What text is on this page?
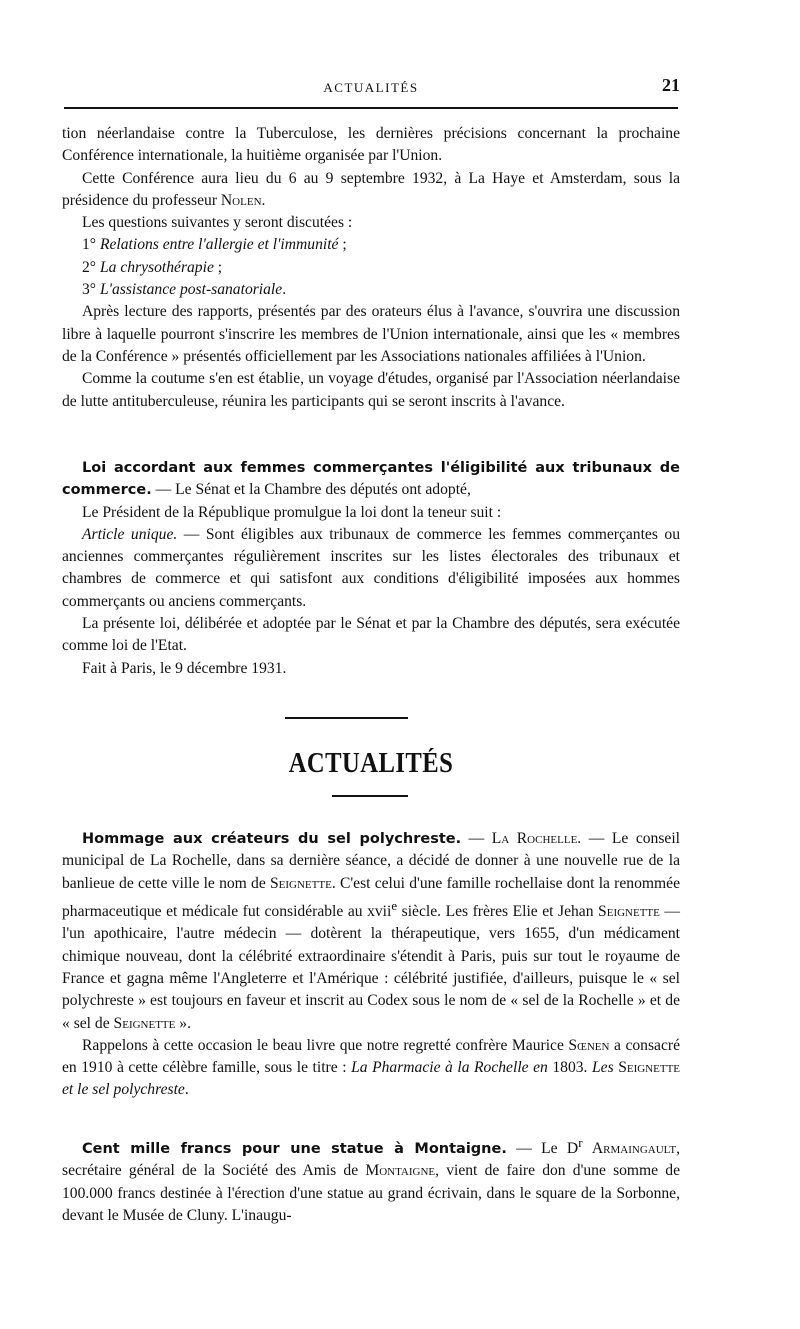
ACTUALITÉS	21

tion néerlandaise contre la Tuberculose, les dernières précisions concernant la prochaine Conférence internationale, la huitième organisée par l'Union.

Cette Conférence aura lieu du 6 au 9 septembre 1932, à La Haye et Amsterdam, sous la présidence du professeur Nolen.

Les questions suivantes y seront discutées :

1° Relations entre l'allergie et l'immunité ;

2° La chrysothérapie ;

3° L'assistance post-sanatoriale.

Après lecture des rapports, présentés par des orateurs élus à l'avance, s'ouvrira une discussion libre à laquelle pourront s'inscrire les membres de l'Union internationale, ainsi que les « membres de la Conférence » présentés officiellement par les Associations nationales affiliées à l'Union.

Comme la coutume s'en est établie, un voyage d'études, organisé par l'Association néerlandaise de lutte antituberculeuse, réunira les participants qui se seront inscrits à l'avance.

Loi accordant aux femmes commerçantes l'éligibilité aux tribunaux de commerce. — Le Sénat et la Chambre des députés ont adopté,

Le Président de la République promulgue la loi dont la teneur suit :

Article unique. — Sont éligibles aux tribunaux de commerce les femmes commerçantes ou anciennes commerçantes régulièrement inscrites sur les listes électorales des tribunaux et chambres de commerce et qui satisfont aux conditions d'éligibilité imposées aux hommes commerçants ou anciens commerçants.

La présente loi, délibérée et adoptée par le Sénat et par la Chambre des députés, sera exécutée comme loi de l'Etat.

Fait à Paris, le 9 décembre 1931.

ACTUALITÉS

Hommage aux créateurs du sel polychreste. — La Rochelle. — Le conseil municipal de La Rochelle, dans sa dernière séance, a décidé de donner à une nouvelle rue de la banlieue de cette ville le nom de Seignette. C'est celui d'une famille rochellaise dont la renommée pharmaceutique et médicale fut considérable au xvii$^e$ siècle. Les frères Elie et Jehan Seignette — l'un apothicaire, l'autre médecin — dotèrent la thérapeutique, vers 1655, d'un médicament chimique nouveau, dont la célébrité extraordinaire s'étendit à Paris, puis sur tout le royaume de France et gagna même l'Angleterre et l'Amérique : célébrité justifiée, d'ailleurs, puisque le « sel polychreste » est toujours en faveur et inscrit au Codex sous le nom de « sel de la Rochelle » et de « sel de Seignette ».

Rappelons à cette occasion le beau livre que notre regretté confrère Maurice Sœnen a consacré en 1910 à cette célèbre famille, sous le titre : La Pharmacie à la Rochelle en 1803. Les Seignette et le sel polychreste.

Cent mille francs pour une statue à Montaigne. — Le $D^r$ Armaingault, secrétaire général de la Société des Amis de Montaigne, vient de faire don d'une somme de 100.000 francs destinée à l'érection d'une statue au grand écrivain, dans le square de la Sorbonne, devant le Musée de Cluny. L'inaugu-
